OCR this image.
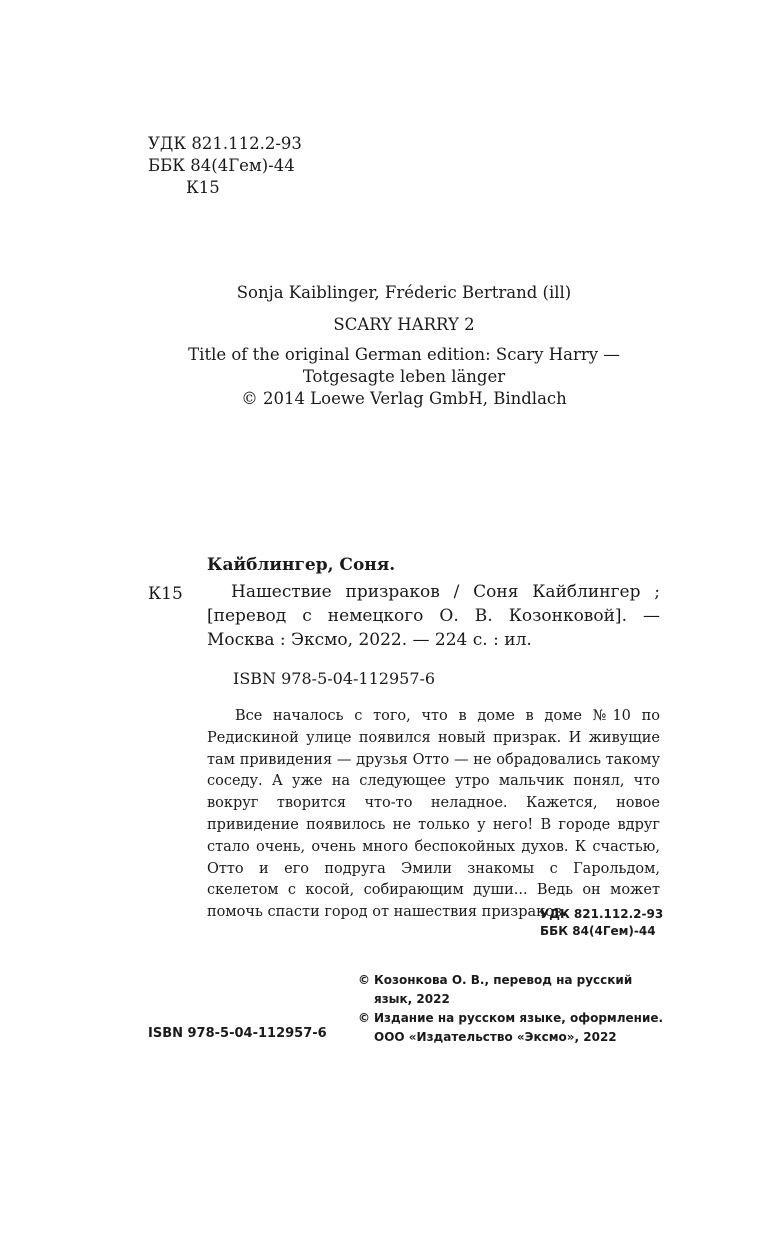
УДК 821.112.2-93
ББК 84(4Гем)-44
К15
Sonja Kaiblinger, Fréderic Bertrand (ill)
SCARY HARRY 2
Title of the original German edition: Scary Harry —
Totgesagte leben länger
© 2014 Loewe Verlag GmbH, Bindlach
Кайблингер, Соня.
К15	Нашествие призраков / Соня Кайблингер ; [перевод с немецкого О. В. Козонковой]. — Москва : Эксмо, 2022. — 224 с. : ил.
ISBN 978-5-04-112957-6
Все началось с того, что в доме в доме №10 по Редискиной улице появился новый призрак. И живущие там привидения — друзья Отто — не обрадовались такому соседу. А уже на следующее утро мальчик понял, что вокруг творится что-то неладное. Кажется, новое привидение появилось не только у него! В городе вдруг стало очень, очень много беспокойных духов. К счастью, Отто и его подруга Эмили знакомы с Гарольдом, скелетом с косой, собирающим души... Ведь он может помочь спасти город от нашествия призраков.
УДК 821.112.2-93
ББК 84(4Гем)-44
© Козонкова О. В., перевод на русский язык, 2022
© Издание на русском языке, оформление. ООО «Издательство «Эксмо», 2022
ISBN 978-5-04-112957-6
